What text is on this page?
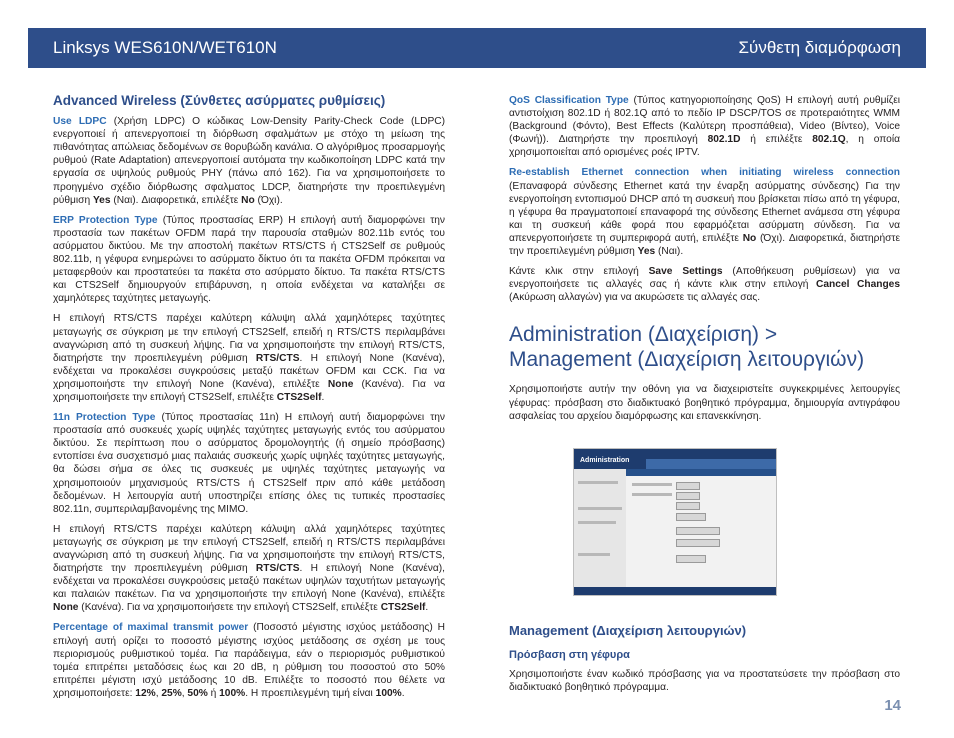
Linksys WES610N/WET610N	Σύνθετη διαμόρφωση
Advanced Wireless (Σύνθετες ασύρματες ρυθμίσεις)

Use LDPC (Χρήση LDPC) Ο κώδικας Low-Density Parity-Check Code (LDPC) ενεργοποιεί ή απενεργοποιεί τη διόρθωση σφαλμάτων με στόχο τη μείωση της πιθανότητας απώλειας δεδομένων σε θορυβώδη κανάλια. Ο αλγόριθμος προσαρμογής ρυθμού (Rate Adaptation) απενεργοποιεί αυτόματα την κωδικοποίηση LDPC κατά την εργασία σε υψηλούς ρυθμούς PHY (πάνω από 162). Για να χρησιμοποιήσετε το προηγμένο σχέδιο διόρθωσης σφαλματος LDCP, διατηρήστε την προεπιλεγμένη ρύθμιση Yes (Ναι). Διαφορετικά, επιλέξτε No (Όχι).

ERP Protection Type (Τύπος προστασίας ERP) Η επιλογή αυτή διαμορφώνει την προστασία των πακέτων OFDM παρά την παρουσία σταθμών 802.11b εντός του ασύρματου δικτύου. Με την αποστολή πακέτων RTS/CTS ή CTS2Self σε ρυθμούς 802.11b, η γέφυρα ενημερώνει το ασύρματο δίκτυο ότι τα πακέτα OFDM πρόκειται να μεταφερθούν και προστατεύει τα πακέτα στο ασύρματο δίκτυο. Τα πακέτα RTS/CTS και CTS2Self δημιουργούν επιβάρυνση, η οποία ενδέχεται να καταλήξει σε χαμηλότερες ταχύτητες μεταγωγής.

Η επιλογή RTS/CTS παρέχει καλύτερη κάλυψη αλλά χαμηλότερες ταχύτητες μεταγωγής σε σύγκριση με την επιλογή CTS2Self, επειδή η RTS/CTS περιλαμβάνει αναγνώριση από τη συσκευή λήψης. Για να χρησιμοποιήστε την επιλογή RTS/CTS, διατηρήστε την προεπιλεγμένη ρύθμιση RTS/CTS. Η επιλογή None (Κανένα), ενδέχεται να προκαλέσει συγκρούσεις μεταξύ πακέτων OFDM και CCK. Για να χρησιμοποιήστε την επιλογή None (Κανένα), επιλέξτε None (Κανένα). Για να χρησιμοποιήσετε την επιλογή CTS2Self, επιλέξτε CTS2Self.

11n Protection Type (Τύπος προστασίας 11n) Η επιλογή αυτή διαμορφώνει την προστασία από συσκευές χωρίς υψηλές ταχύτητες μεταγωγής εντός του ασύρματου δικτύου. Σε περίπτωση που ο ασύρματος δρομολογητής (ή σημείο πρόσβασης) εντοπίσει ένα συσχετισμό μιας παλαιάς συσκευής χωρίς υψηλές ταχύτητες μεταγωγής, θα δώσει σήμα σε όλες τις συσκευές με υψηλές ταχύτητες μεταγωγής να χρησιμοποιούν μηχανισμούς RTS/CTS ή CTS2Self πριν από κάθε μετάδοση δεδομένων. Η λειτουργία αυτή υποστηρίζει επίσης όλες τις τυπικές προστασίες 802.11n, συμπεριλαμβανομένης της MIMO.

Η επιλογή RTS/CTS παρέχει καλύτερη κάλυψη αλλά χαμηλότερες ταχύτητες μεταγωγής σε σύγκριση με την επιλογή CTS2Self, επειδή η RTS/CTS περιλαμβάνει αναγνώριση από τη συσκευή λήψης. Για να χρησιμοποιήστε την επιλογή RTS/CTS, διατηρήστε την προεπιλεγμένη ρύθμιση RTS/CTS. Η επιλογή None (Κανένα), ενδέχεται να προκαλέσει συγκρούσεις μεταξύ πακέτων υψηλών ταχυτήτων μεταγωγής και παλαιών πακέτων. Για να χρησιμοποιήστε την επιλογή None (Κανένα), επιλέξτε None (Κανένα). Για να χρησιμοποιήσετε την επιλογή CTS2Self, επιλέξτε CTS2Self.

Percentage of maximal transmit power (Ποσοστό μέγιστης ισχύος μετάδοσης) Η επιλογή αυτή ορίζει το ποσοστό μέγιστης ισχύος μετάδοσης σε σχέση με τους περιορισμούς ρυθμιστικού τομέα. Για παράδειγμα, εάν ο περιορισμός ρυθμιστικού τομέα επιτρέπει μεταδόσεις έως και 20 dB, η ρύθμιση του ποσοστού στο 50% επιτρέπει μέγιστη ισχύ μετάδοσης 10 dB. Επιλέξτε το ποσοστό που θέλετε να χρησιμοποιήσετε: 12%, 25%, 50% ή 100%. Η προεπιλεγμένη τιμή είναι 100%.

QoS Classification Type (Τύπος κατηγοριοποίησης QoS) Η επιλογή αυτή ρυθμίζει αντιστοίχιση 802.1D ή 802.1Q από το πεδίο IP DSCP/TOS σε προτεραιότητες WMM (Background (Φόντο), Best Effects (Καλύτερη προσπάθεια), Video (Βίντεο), Voice (Φωνή)). Διατηρήστε την προεπιλογή 802.1D ή επιλέξτε 802.1Q, η οποία χρησιμοποιείται από ορισμένες ροές IPTV.

Re-establish Ethernet connection when initiating wireless connection (Επαναφορά σύνδεσης Ethernet κατά την έναρξη ασύρματης σύνδεσης) Για την ενεργοποίηση εντοπισμού DHCP από τη συσκευή που βρίσκεται πίσω από τη γέφυρα, η γέφυρα θα πραγματοποιεί επαναφορά της σύνδεσης Ethernet ανάμεσα στη γέφυρα και τη συσκευή κάθε φορά που εφαρμόζεται ασύρματη σύνδεση. Για να απενεργοποιήσετε τη συμπεριφορά αυτή, επιλέξτε No (Όχι). Διαφορετικά, διατηρήστε την προεπιλεγμένη ρύθμιση Yes (Ναι).

Κάντε κλικ στην επιλογή Save Settings (Αποθήκευση ρυθμίσεων) για να ενεργοποιήσετε τις αλλαγές σας ή κάντε κλικ στην επιλογή Cancel Changes (Ακύρωση αλλαγών) για να ακυρώσετε τις αλλαγές σας.

Administration (Διαχείριση) > Management (Διαχείριση λειτουργιών)

Χρησιμοποιήστε αυτήν την οθόνη για να διαχειριστείτε συγκεκριμένες λειτουργίες γέφυρας: πρόσβαση στο διαδικτυακό βοηθητικό πρόγραμμα, δημιουργία αντιγράφου ασφαλείας του αρχείου διαμόρφωσης και επανεκκίνηση.

Administration
Management (Διαχείριση λειτουργιών)
Πρόσβαση στη γέφυρα

Χρησιμοποιήστε έναν κωδικό πρόσβασης για να προστατεύσετε την πρόσβαση στο διαδικτυακό βοηθητικό πρόγραμμα.

14
